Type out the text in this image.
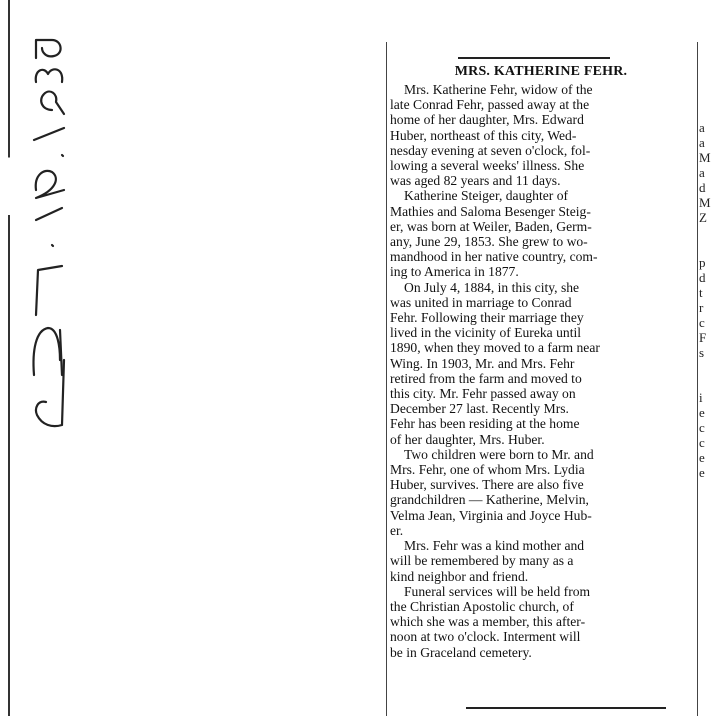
MRS. KATHERINE FEHR.
Mrs. Katherine Fehr, widow of the
late Conrad Fehr, passed away at the
home of her daughter, Mrs. Edward
Huber, northeast of this city, Wed-
nesday evening at seven o'clock, fol-
lowing a several weeks' illness. She
was aged 82 years and 11 days.
Katherine Steiger, daughter of
Mathies and Saloma Besenger Steig-
er, was born at Weiler, Baden, Germ-
any, June 29, 1853. She grew to wo-
mandhood in her native country, com-
ing to America in 1877.
On July 4, 1884, in this city, she
was united in marriage to Conrad
Fehr. Following their marriage they
lived in the vicinity of Eureka until
1890, when they moved to a farm near
Wing. In 1903, Mr. and Mrs. Fehr
retired from the farm and moved to
this city. Mr. Fehr passed away on
December 27 last. Recently Mrs.
Fehr has been residing at the home
of her daughter, Mrs. Huber.
Two children were born to Mr. and
Mrs. Fehr, one of whom Mrs. Lydia
Huber, survives. There are also five
grandchildren — Katherine, Melvin,
Velma Jean, Virginia and Joyce Hub-
er.
Mrs. Fehr was a kind mother and
will be remembered by many as a
kind neighbor and friend.
Funeral services will be held from
the Christian Apostolic church, of
which she was a member, this after-
noon at two o'clock. Interment will
be in Graceland cemetery.
a
a
M
a
d
M
Z
p
d
t
r
c
F
s
i
e
c
c
e
e
